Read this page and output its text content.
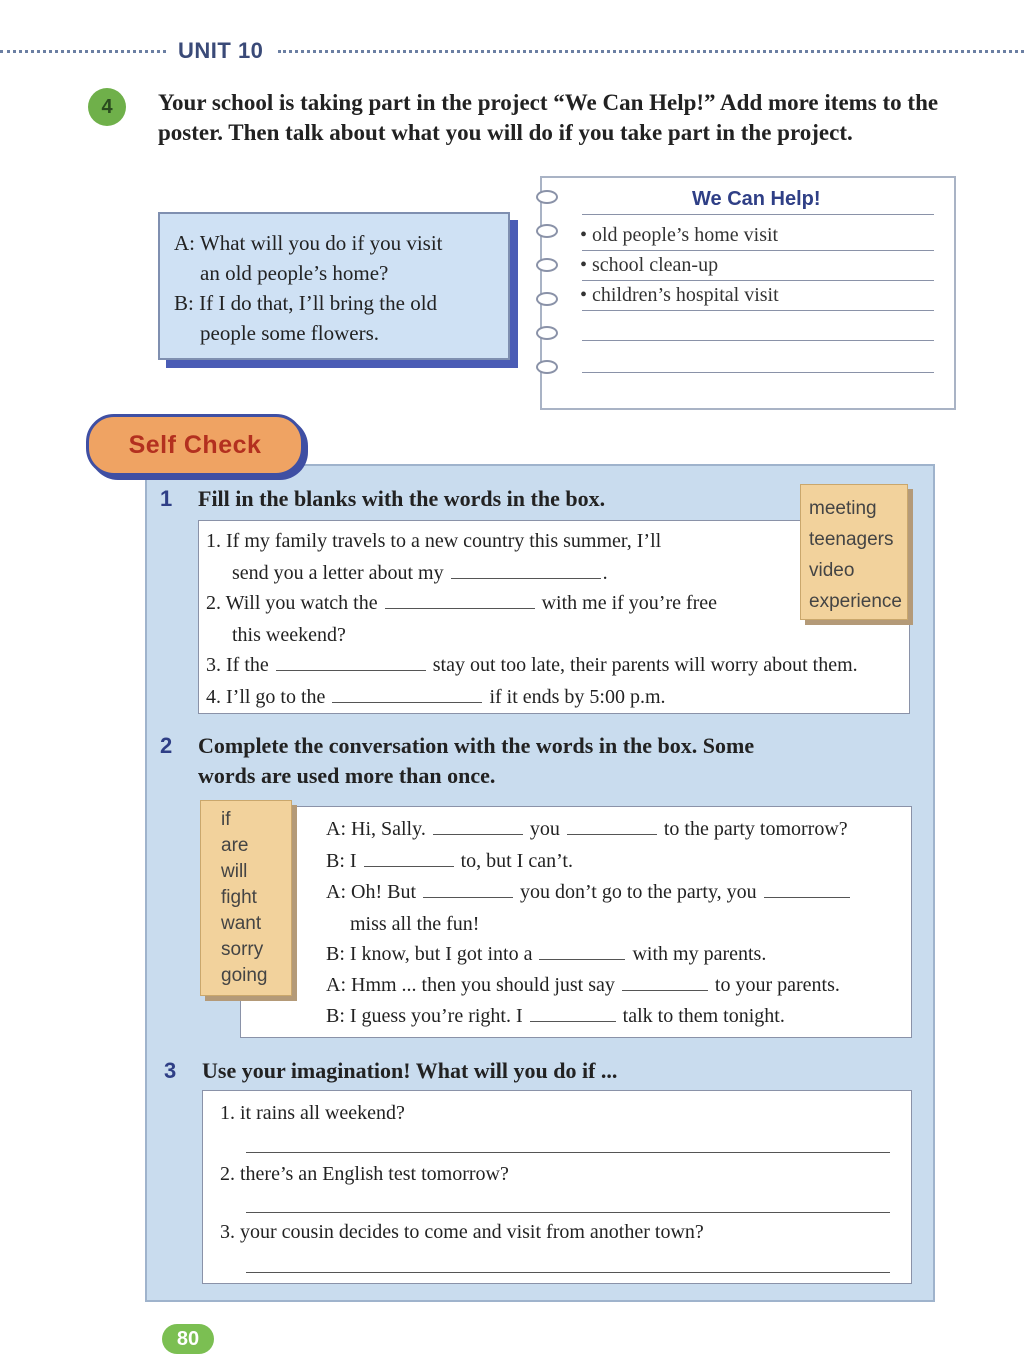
UNIT 10
4	Your school is taking part in the project “We Can Help!” Add more items to the poster. Then talk about what you will do if you take part in the project.
A: What will you do if you visit
an old people’s home?
B: If I do that, I’ll bring the old
people some flowers.
We Can Help!
• old people’s home visit
• school clean-up
• children’s hospital visit
Self Check
1 Fill in the blanks with the words in the box.	meeting
teenagers
video
experience
1. If my family travels to a new country this summer, I’ll
send you a letter about my	.
2. Will you watch the	with me if you’re free
this weekend?
3. If the	stay out too late, their parents will worry about them.
4. I’ll go to the	if it ends by 5:00 p.m.
2 Complete the conversation with the words in the box. Some
words are used more than once.
if
are
will
fight
want
sorry
going
A: Hi, Sally.	you	to the party tomorrow?
B: I	to, but I can’t.
A: Oh! But	you don’t go to the party, you
miss all the fun!
B: I know, but I got into a	with my parents.
A: Hmm ... then you should just say	to your parents.
B: I guess you’re right. I	talk to them tonight.
3 Use your imagination! What will you do if ...
1. it rains all weekend?
2. there’s an English test tomorrow?
3. your cousin decides to come and visit from another town?
80
